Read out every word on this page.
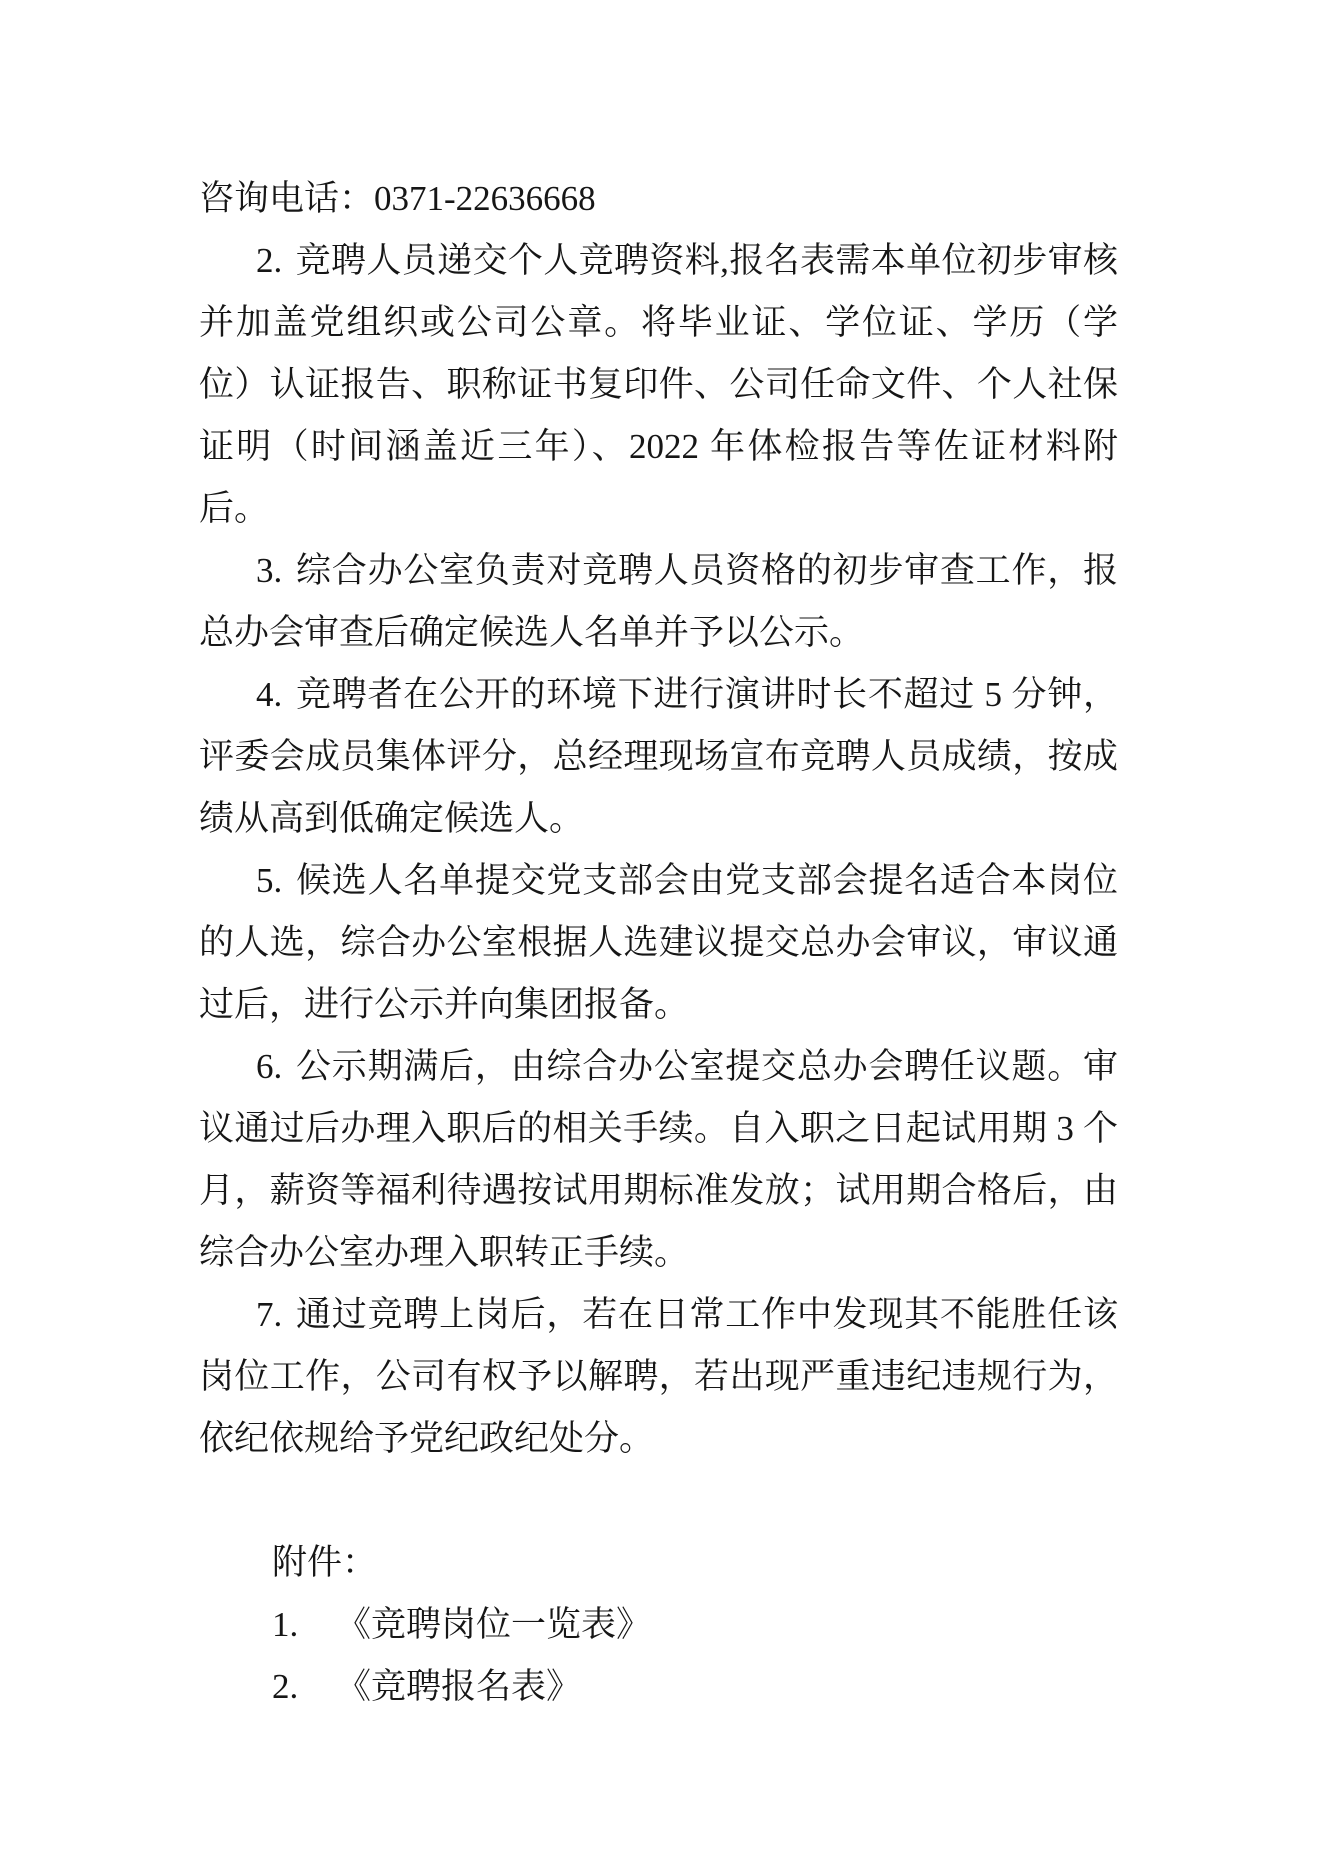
咨询电话：0371-22636668

2. 竞聘人员递交个人竞聘资料,报名表需本单位初步审核并加盖党组织或公司公章。将毕业证、学位证、学历（学位）认证报告、职称证书复印件、公司任命文件、个人社保证明（时间涵盖近三年）、2022 年体检报告等佐证材料附后。

3. 综合办公室负责对竞聘人员资格的初步审查工作，报总办会审查后确定候选人名单并予以公示。

4. 竞聘者在公开的环境下进行演讲时长不超过 5 分钟，评委会成员集体评分，总经理现场宣布竞聘人员成绩，按成绩从高到低确定候选人。

5. 候选人名单提交党支部会由党支部会提名适合本岗位的人选，综合办公室根据人选建议提交总办会审议，审议通过后，进行公示并向集团报备。

6. 公示期满后，由综合办公室提交总办会聘任议题。审议通过后办理入职后的相关手续。自入职之日起试用期 3 个月，薪资等福利待遇按试用期标准发放；试用期合格后，由综合办公室办理入职转正手续。

7. 通过竞聘上岗后，若在日常工作中发现其不能胜任该岗位工作，公司有权予以解聘，若出现严重违纪违规行为，依纪依规给予党纪政纪处分。

附件：

1. 《竞聘岗位一览表》

2. 《竞聘报名表》
